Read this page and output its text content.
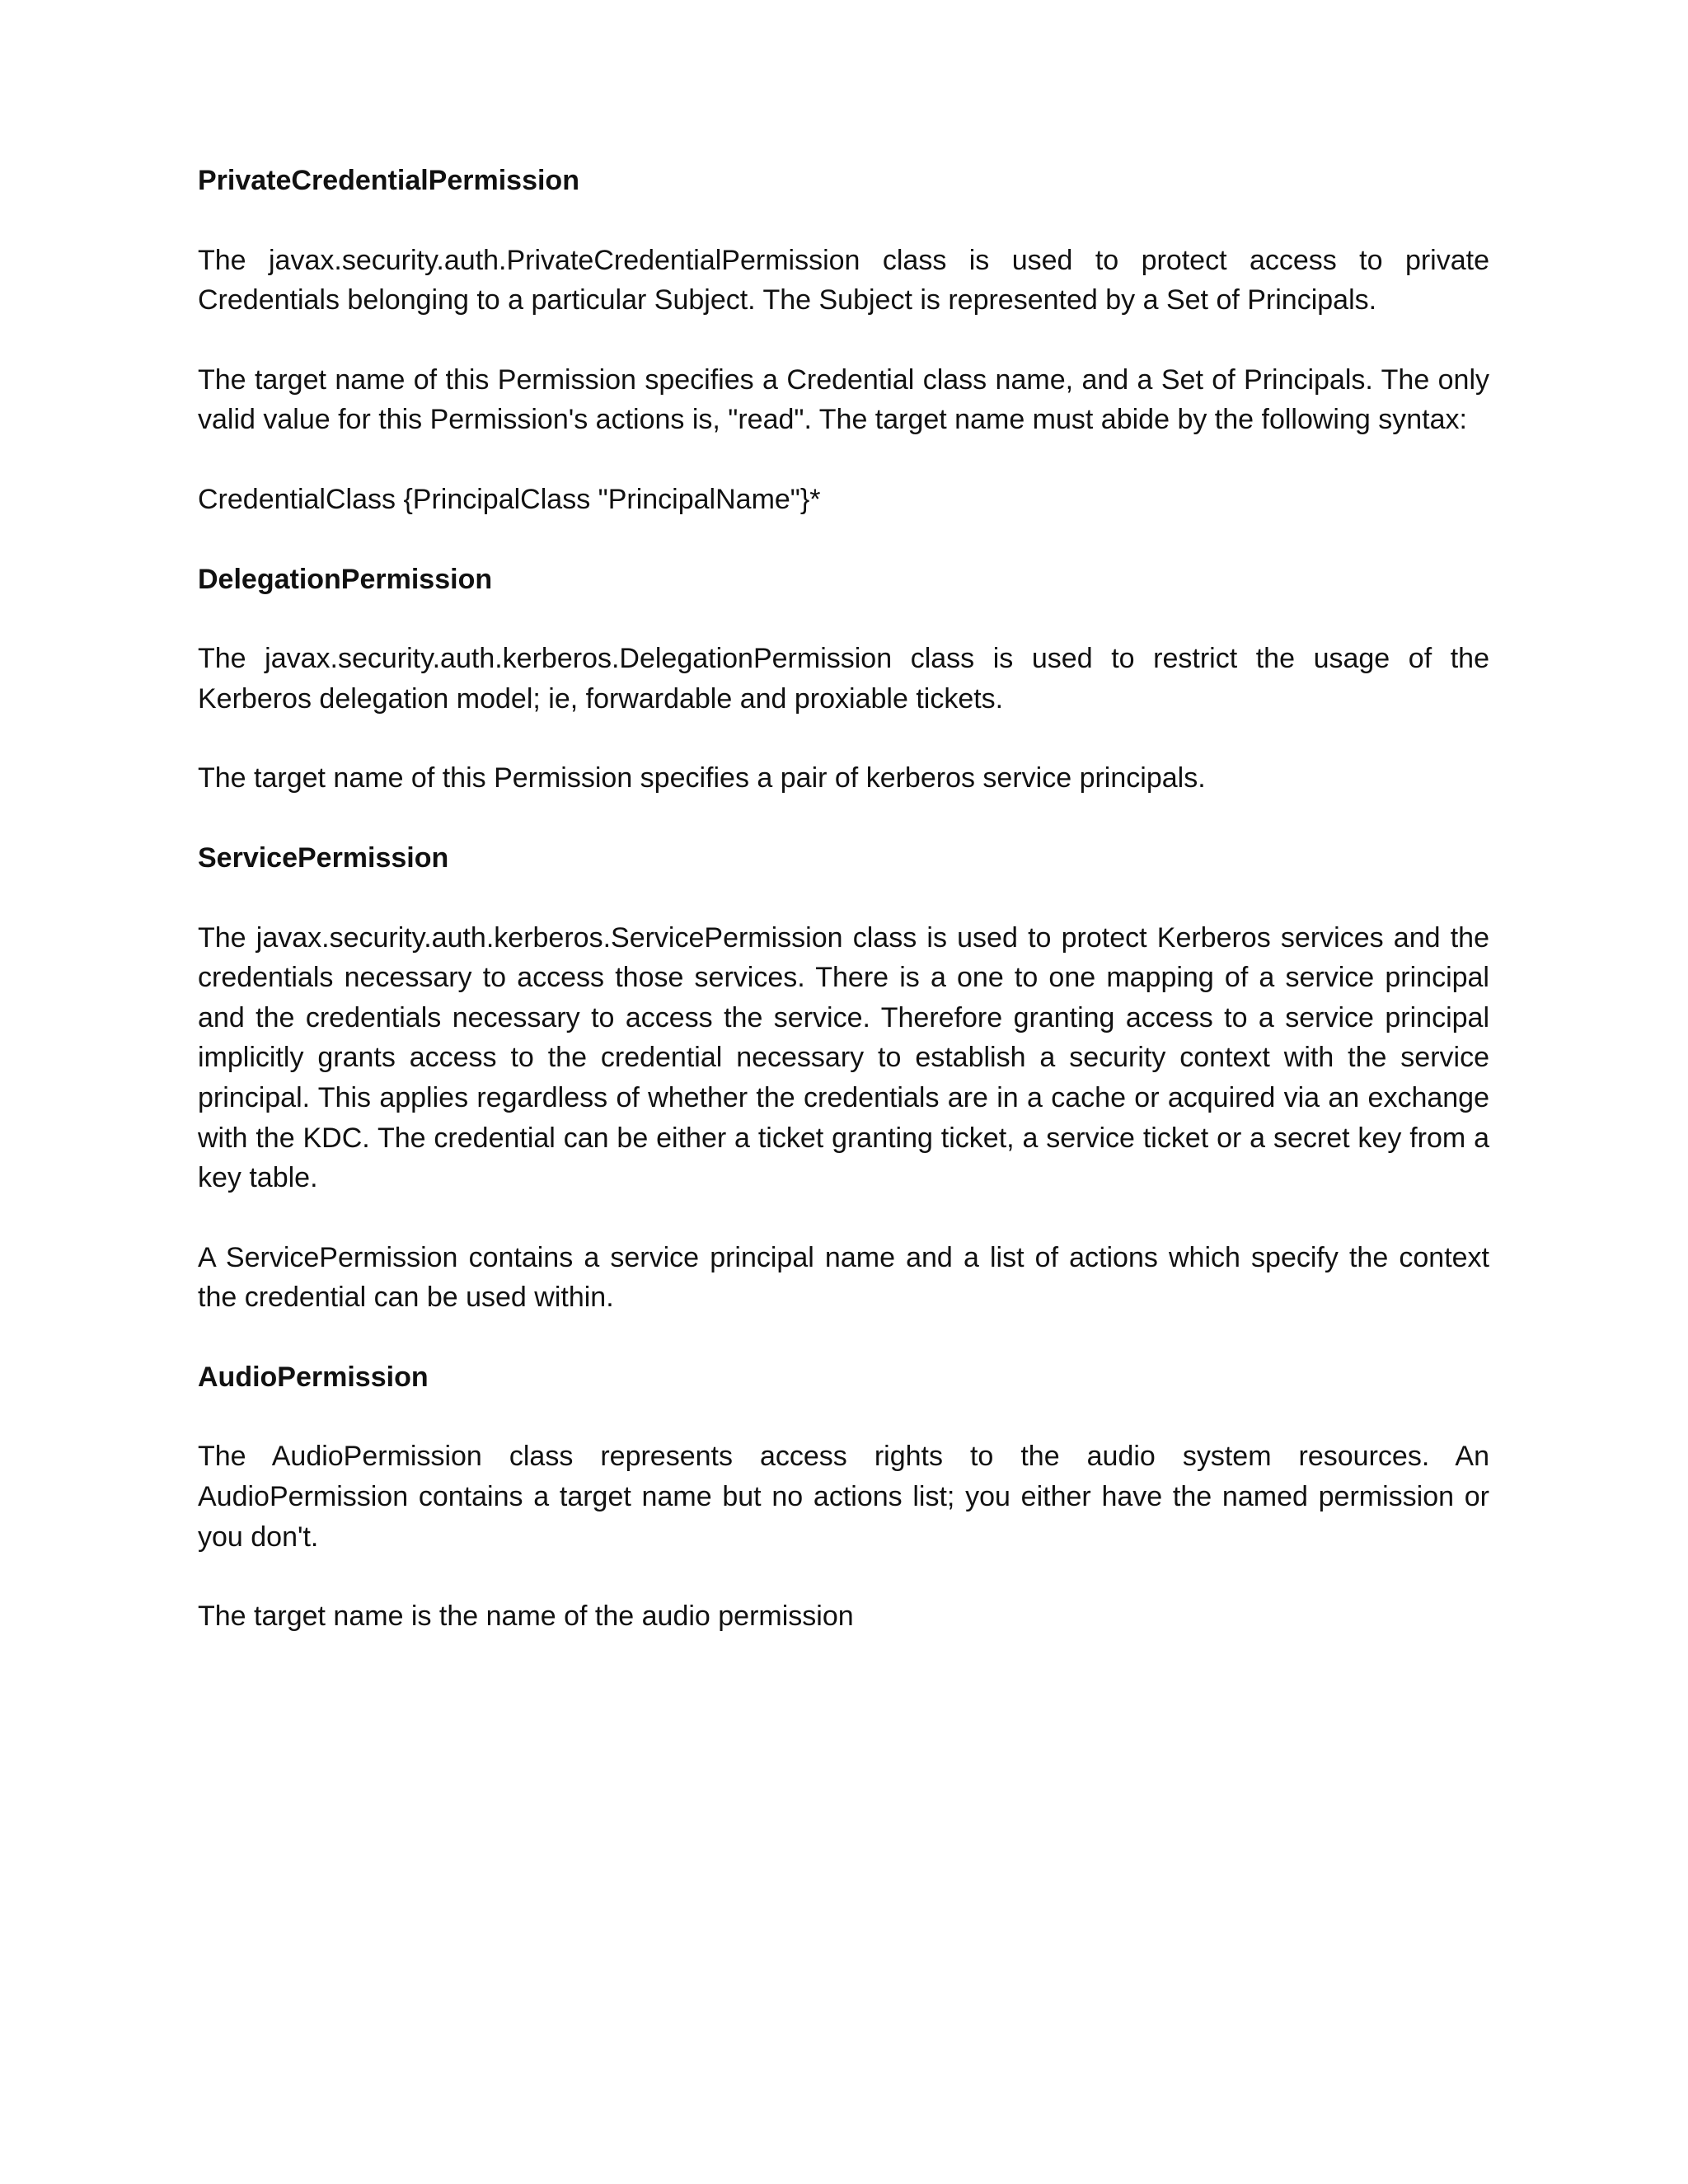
PrivateCredentialPermission

The javax.security.auth.PrivateCredentialPermission class is used to protect access to private Credentials belonging to a particular Subject. The Subject is represented by a Set of Principals.

The target name of this Permission specifies a Credential class name, and a Set of Principals. The only valid value for this Permission's actions is, "read". The target name must abide by the following syntax:

CredentialClass {PrincipalClass "PrincipalName"}*

DelegationPermission

The javax.security.auth.kerberos.DelegationPermission class is used to restrict the usage of the Kerberos delegation model; ie, forwardable and proxiable tickets.

The target name of this Permission specifies a pair of kerberos service principals.

ServicePermission

The javax.security.auth.kerberos.ServicePermission class is used to protect Kerberos services and the credentials necessary to access those services. There is a one to one mapping of a service principal and the credentials necessary to access the service. Therefore granting access to a service principal implicitly grants access to the credential necessary to establish a security context with the service principal. This applies regardless of whether the credentials are in a cache or acquired via an exchange with the KDC. The credential can be either a ticket granting ticket, a service ticket or a secret key from a key table.

A ServicePermission contains a service principal name and a list of actions which specify the context the credential can be used within.

AudioPermission

The AudioPermission class represents access rights to the audio system resources. An AudioPermission contains a target name but no actions list; you either have the named permission or you don't.

The target name is the name of the audio permission
